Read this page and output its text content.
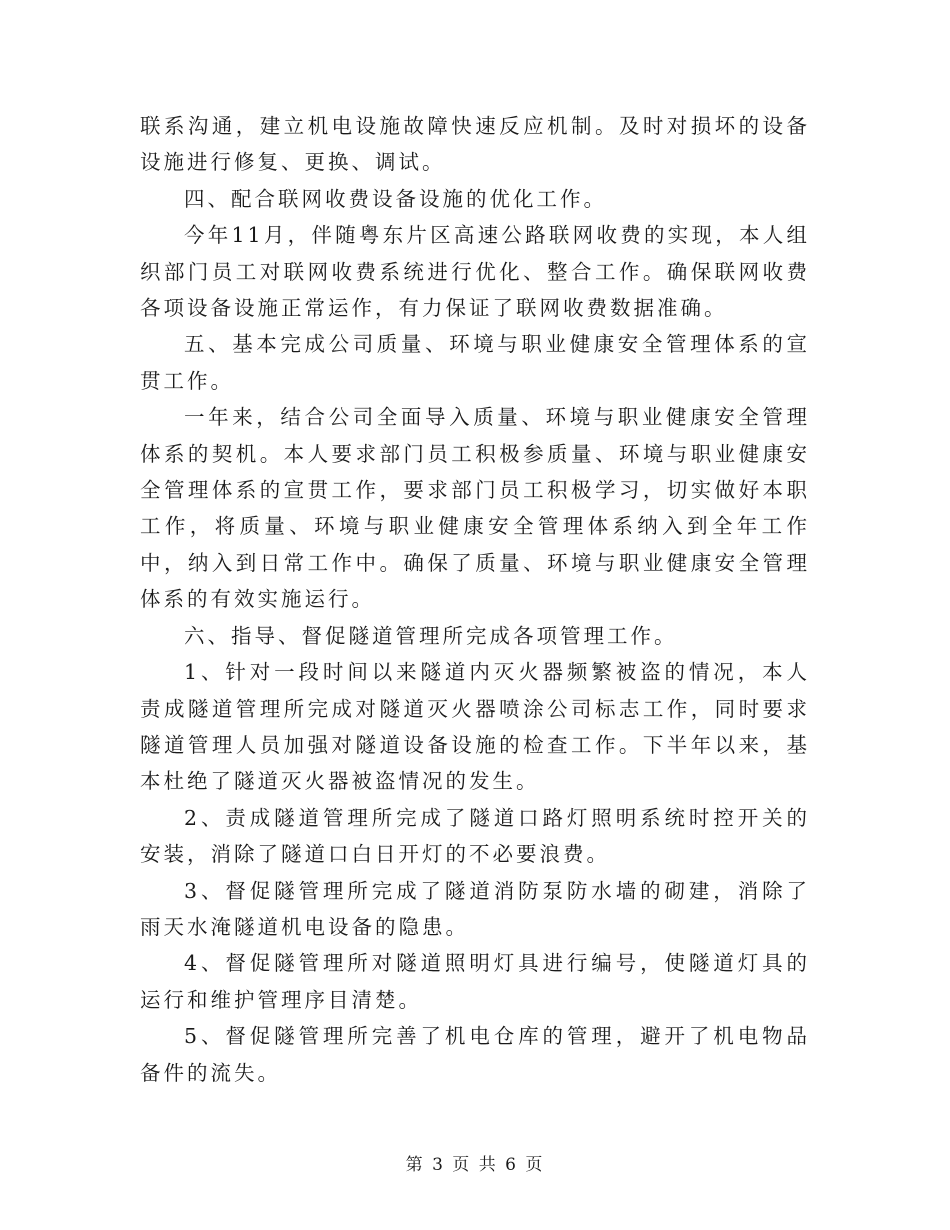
联系沟通，建立机电设施故障快速反应机制。及时对损坏的设备设施进行修复、更换、调试。

四、配合联网收费设备设施的优化工作。

今年11月，伴随粤东片区高速公路联网收费的实现，本人组织部门员工对联网收费系统进行优化、整合工作。确保联网收费各项设备设施正常运作，有力保证了联网收费数据准确。

五、基本完成公司质量、环境与职业健康安全管理体系的宣贯工作。

一年来，结合公司全面导入质量、环境与职业健康安全管理体系的契机。本人要求部门员工积极参质量、环境与职业健康安全管理体系的宣贯工作，要求部门员工积极学习，切实做好本职工作，将质量、环境与职业健康安全管理体系纳入到全年工作中，纳入到日常工作中。确保了质量、环境与职业健康安全管理体系的有效实施运行。

六、指导、督促隧道管理所完成各项管理工作。

1、针对一段时间以来隧道内灭火器频繁被盗的情况，本人责成隧道管理所完成对隧道灭火器喷涂公司标志工作，同时要求隧道管理人员加强对隧道设备设施的检查工作。下半年以来，基本杜绝了隧道灭火器被盗情况的发生。

2、责成隧道管理所完成了隧道口路灯照明系统时控开关的安装，消除了隧道口白日开灯的不必要浪费。

3、督促隧管理所完成了隧道消防泵防水墙的砌建，消除了雨天水淹隧道机电设备的隐患。

4、督促隧管理所对隧道照明灯具进行编号，使隧道灯具的运行和维护管理序目清楚。

5、督促隧管理所完善了机电仓库的管理，避开了机电物品备件的流失。

第 3 页 共 6 页
